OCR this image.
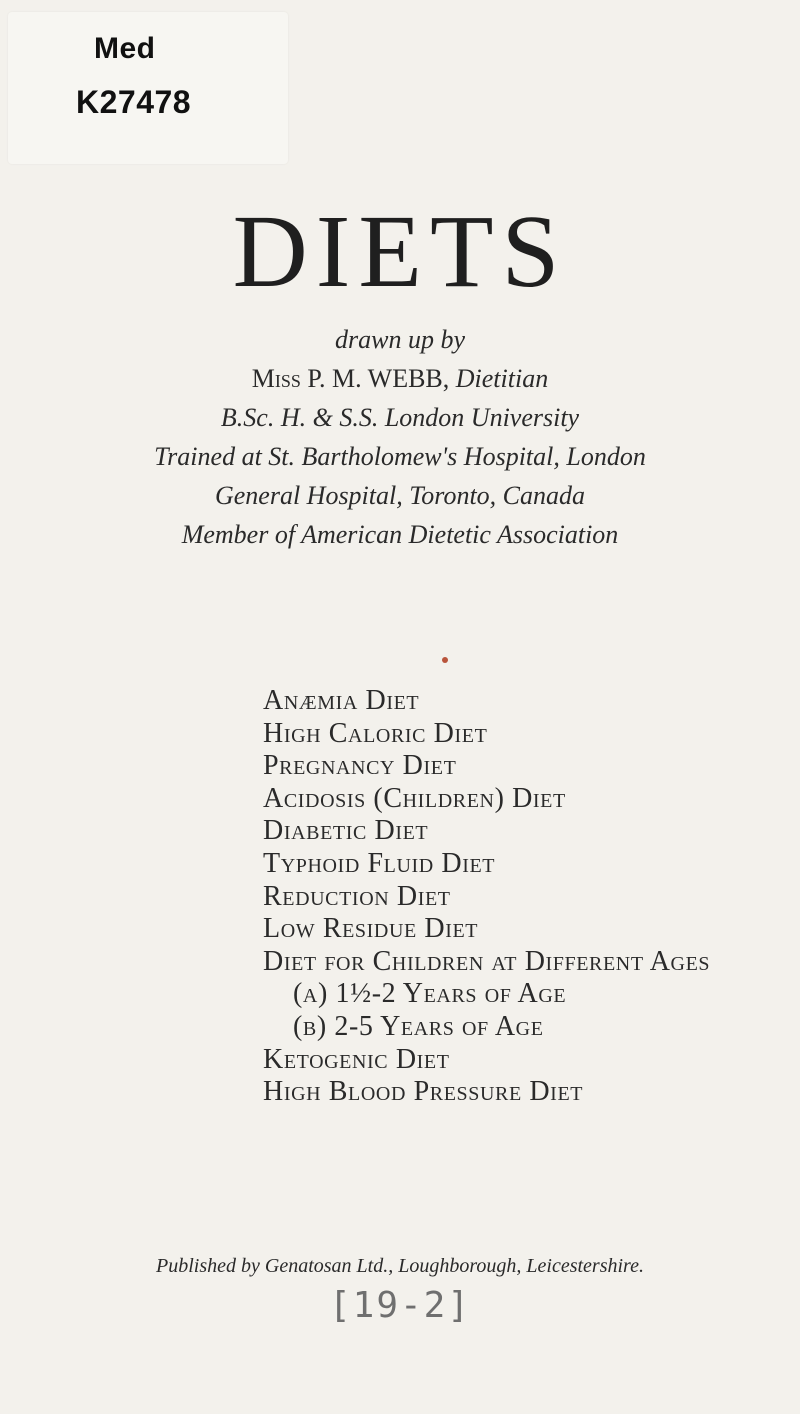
Med
K27478
DIETS
drawn up by
Miss P. M. WEBB, Dietitian
B.Sc. H. & S.S. London University
Trained at St. Bartholomew's Hospital, London
General Hospital, Toronto, Canada
Member of American Dietetic Association
Anæmia Diet
High Caloric Diet
Pregnancy Diet
Acidosis (Children) Diet
Diabetic Diet
Typhoid Fluid Diet
Reduction Diet
Low Residue Diet
Diet for Children at Different Ages
(a) 1½-2 Years of Age
(b) 2-5 Years of Age
Ketogenic Diet
High Blood Pressure Diet
Published by Genatosan Ltd., Loughborough, Leicestershire.
[19-2]
